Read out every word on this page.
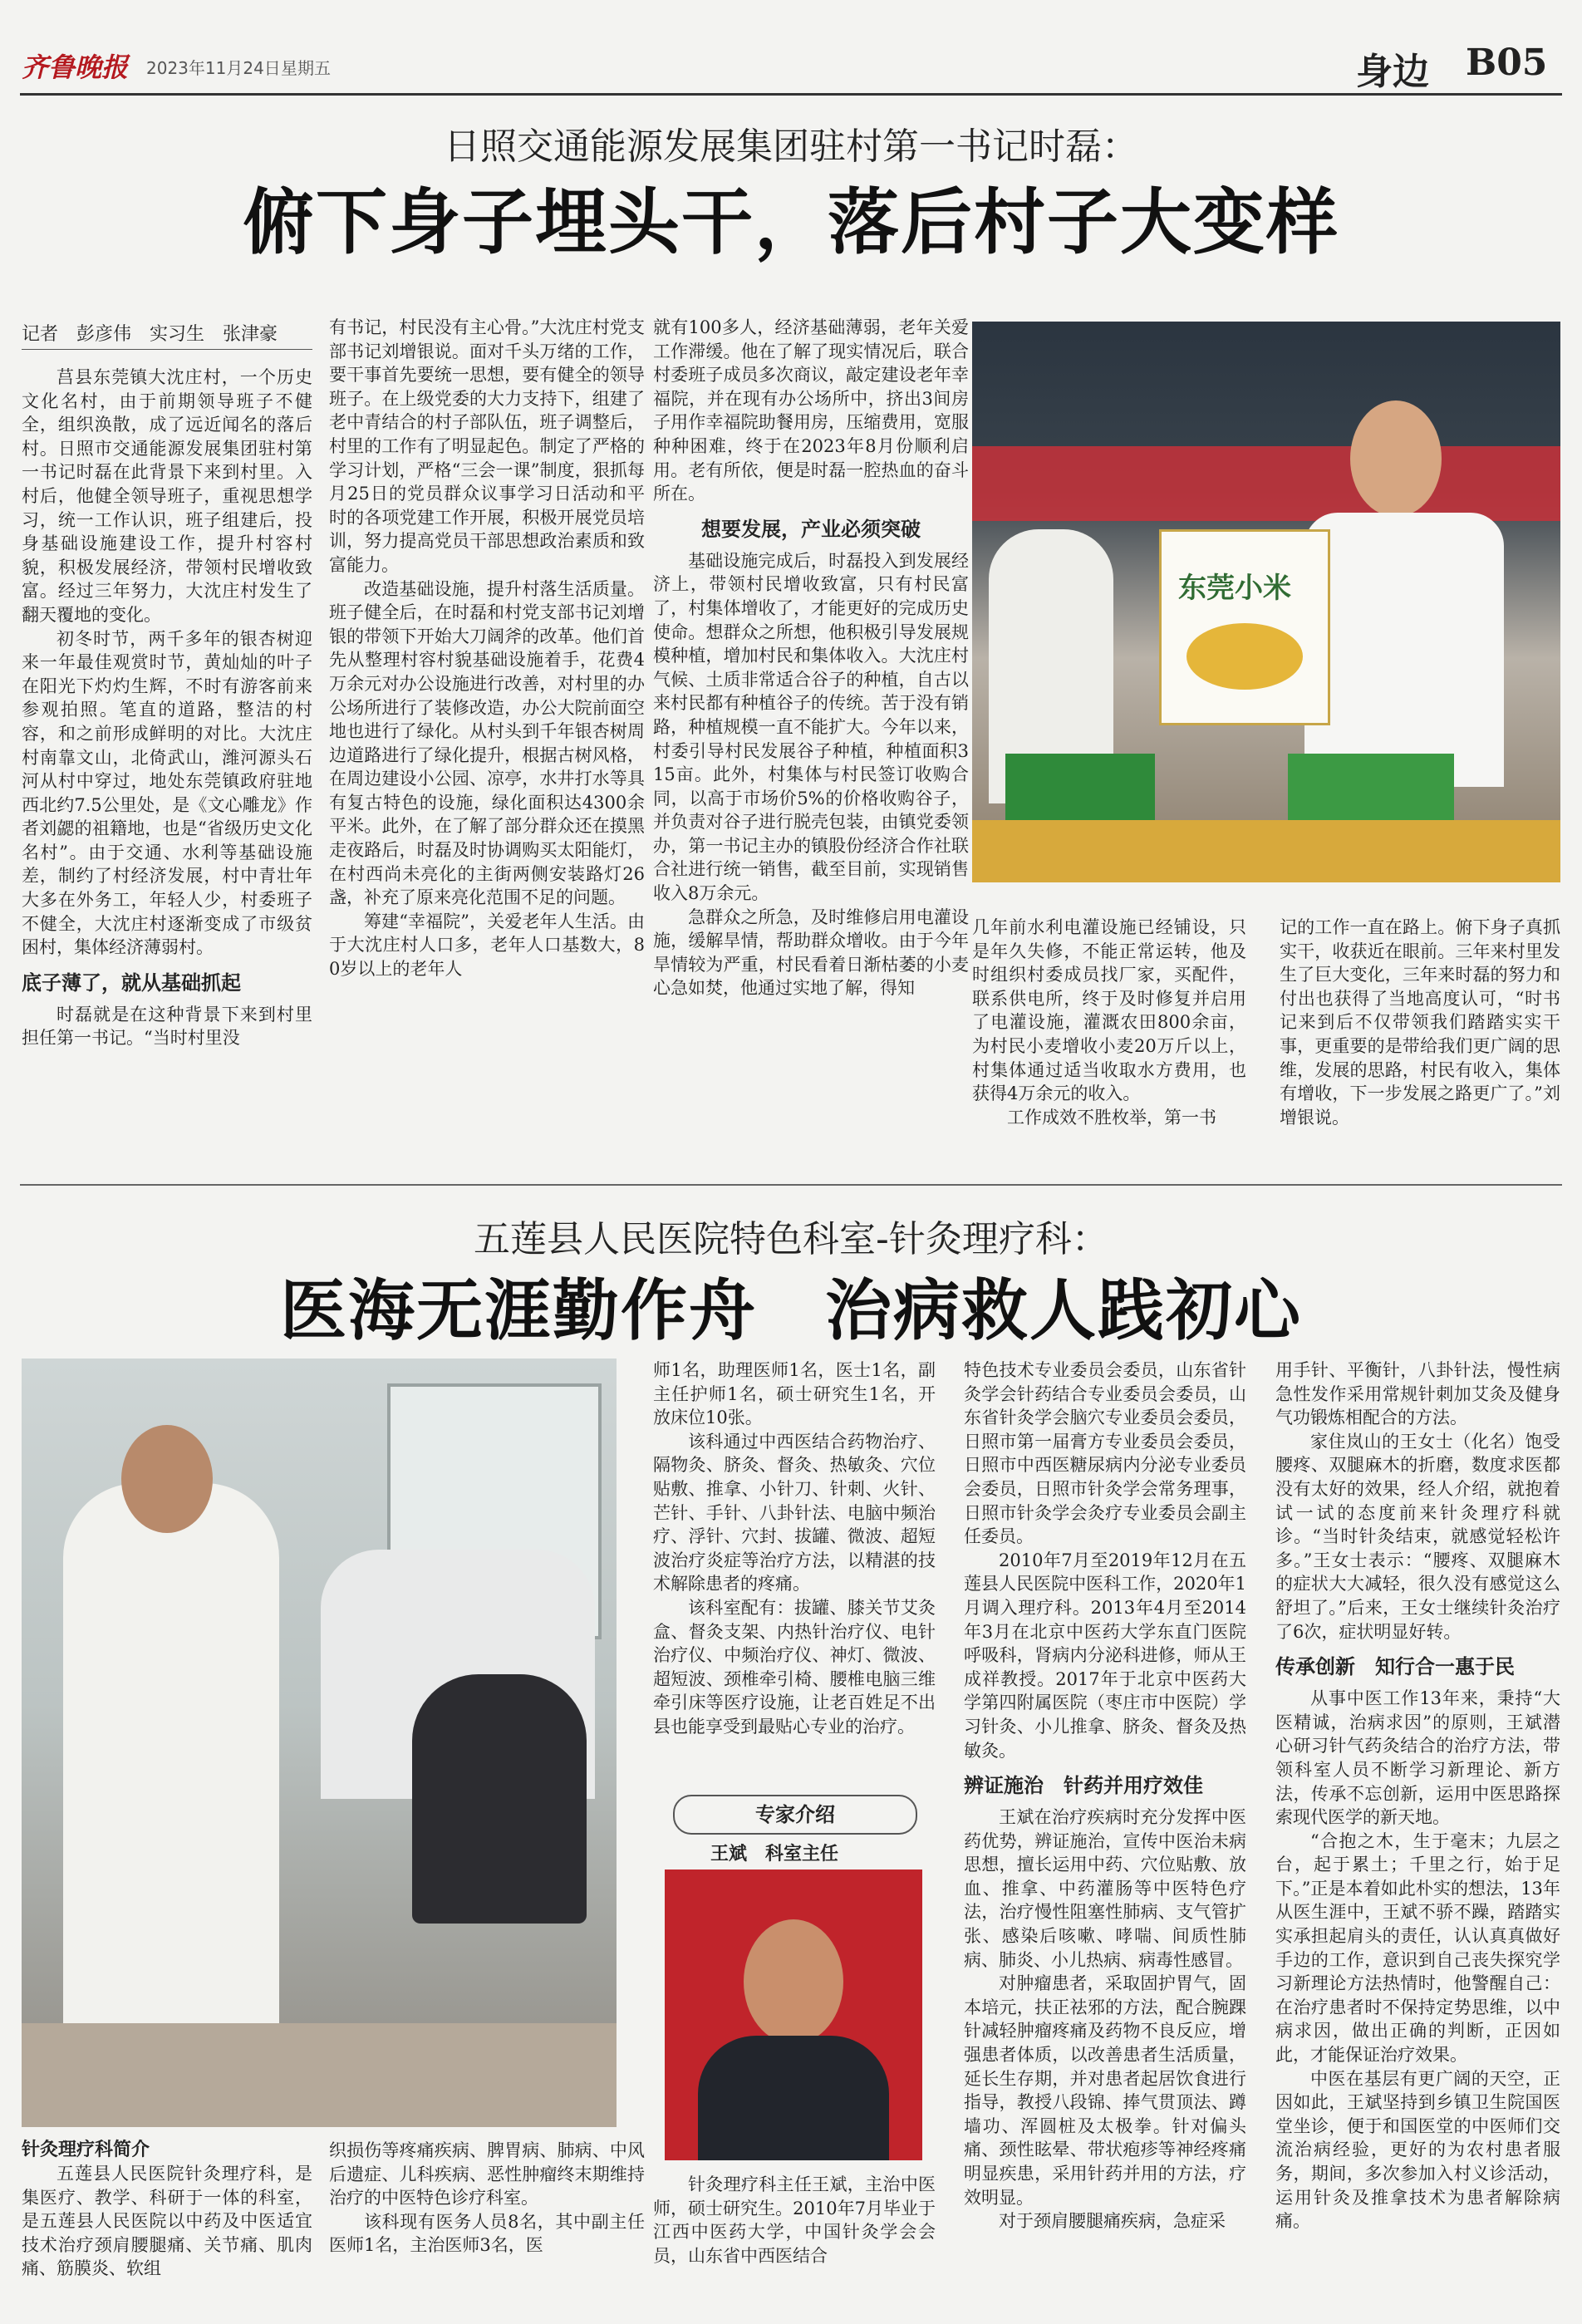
齐鲁晚报 2023年11月24日 星期五	身边 B05
日照交通能源发展集团驻村第一书记时磊：
俯下身子埋头干，落后村子大变样
记者　彭彦伟　实习生　张津豪

莒县东莞镇大沈庄村，一个历史文化名村，由于前期领导班子不健全，组织涣散，成了远近闻名的落后村。日照市交通能源发展集团驻村第一书记时磊在此背景下来到村里。入村后，他健全领导班子，重视思想学习，统一工作认识，班子组建后，投身基础设施建设工作，提升村容村貌，积极发展经济，带领村民增收致富。经过三年努力，大沈庄村发生了翻天覆地的变化。

初冬时节，两千多年的银杏树迎来一年最佳观赏时节，黄灿灿的叶子在阳光下灼灼生辉，不时有游客前来参观拍照。笔直的道路，整洁的村容，和之前形成鲜明的对比。大沈庄村南靠文山，北倚武山，潍河源头石河从村中穿过，地处东莞镇政府驻地西北约7.5公里处，是《文心雕龙》作者刘勰的祖籍地，也是“省级历史文化名村”。由于交通、水利等基础设施差，制约了村经济发展，村中青壮年大多在外务工，年轻人少，村委班子不健全，大沈庄村逐渐变成了市级贫困村，集体经济薄弱村。

底子薄了，就从基础抓起

时磊就是在这种背景下来到村里担任第一书记。“当时村里没

有书记，村民没有主心骨。”大沈庄村党支部书记刘增银说。面对千头万绪的工作，要干事首先要统一思想，要有健全的领导班子。在上级党委的大力支持下，组建了老中青结合的村子部队伍，班子调整后，村里的工作有了明显起色。制定了严格的学习计划，严格“三会一课”制度，狠抓每月25日的党员群众议事学习日活动和平时的各项党建工作开展，积极开展党员培训，努力提高党员干部思想政治素质和致富能力。

改造基础设施，提升村落生活质量。班子健全后，在时磊和村党支部书记刘增银的带领下开始大刀阔斧的改革。他们首先从整理村容村貌基础设施着手，花费4万余元对办公设施进行改善，对村里的办公场所进行了装修改造，办公大院前面空地也进行了绿化。从村头到千年银杏树周边道路进行了绿化提升，根据古树风格，在周边建设小公园、凉亭，水井打水等具有复古特色的设施，绿化面积达4300余平米。此外，在了解了部分群众还在摸黑走夜路后，时磊及时协调购买太阳能灯，在村西尚未亮化的主街两侧安装路灯26盏，补充了原来亮化范围不足的问题。

筹建“幸福院”，关爱老年人生活。由于大沈庄村人口多，老年人口基数大，80岁以上的老年人

就有100多人，经济基础薄弱，老年关爱工作滞缓。他在了解了现实情况后，联合村委班子成员多次商议，敲定建设老年幸福院，并在现有办公场所中，挤出3间房子用作幸福院助餐用房，压缩费用，宽服种种困难，终于在2023年8月份顺利启用。老有所依，便是时磊一腔热血的奋斗所在。

想要发展，产业必须突破

基础设施完成后，时磊投入到发展经济上，带领村民增收致富，只有村民富了，村集体增收了，才能更好的完成历史使命。想群众之所想，他积极引导发展规模种植，增加村民和集体收入。大沈庄村气候、土质非常适合谷子的种植，自古以来村民都有种植谷子的传统。苦于没有销路，种植规模一直不能扩大。今年以来，村委引导村民发展谷子种植，种植面积315亩。此外，村集体与村民签订收购合同，以高于市场价5%的价格收购谷子，并负责对谷子进行脱壳包装，由镇党委领办，第一书记主办的镇股份经济合作社联合社进行统一销售，截至目前，实现销售收入8万余元。

急群众之所急，及时维修启用电灌设施，缓解旱情，帮助群众增收。由于今年旱情较为严重，村民看着日渐枯萎的小麦心急如焚，他通过实地了解，得知

东莞小米

几年前水利电灌设施已经铺设，只是年久失修，不能正常运转，他及时组织村委成员找厂家，买配件，联系供电所，终于及时修复并启用了电灌设施，灌溉农田800余亩，为村民小麦增收小麦20万斤以上，村集体通过适当收取水方费用，也获得4万余元的收入。

工作成效不胜枚举，第一书

记的工作一直在路上。俯下身子真抓实干，收获近在眼前。三年来村里发生了巨大变化，三年来时磊的努力和付出也获得了当地高度认可，“时书记来到后不仅带领我们踏踏实实干事，更重要的是带给我们更广阔的思维，发展的思路，村民有收入，集体有增收，下一步发展之路更广了。”刘增银说。

五莲县人民医院特色科室-针灸理疗科：
医海无涯勤作舟　治病救人践初心
针灸理疗科简介

五莲县人民医院针灸理疗科，是集医疗、教学、科研于一体的科室，是五莲县人民医院以中药及中医适宜技术治疗颈肩腰腿痛、关节痛、肌肉痛、筋膜炎、软组

织损伤等疼痛疾病、脾胃病、肺病、中风后遗症、儿科疾病、恶性肿瘤终末期维持治疗的中医特色诊疗科室。

该科现有医务人员8名，其中副主任医师1名，主治医师3名，医

师1名，助理医师1名，医士1名，副主任护师1名，硕士研究生1名，开放床位10张。

该科通过中西医结合药物治疗、隔物灸、脐灸、督灸、热敏灸、穴位贴敷、推拿、小针刀、针刺、火针、芒针、手针、八卦针法、电脑中频治疗、浮针、穴封、拔罐、微波、超短波治疗炎症等治疗方法，以精湛的技术解除患者的疼痛。

该科室配有：拔罐、膝关节艾灸盒、督灸支架、内热针治疗仪、电针治疗仪、中频治疗仪、神灯、微波、超短波、颈椎牵引椅、腰椎电脑三维牵引床等医疗设施，让老百姓足不出县也能享受到最贴心专业的治疗。

专家介绍
王斌　科室主任

针灸理疗科主任王斌，主治中医师，硕士研究生。2010年7月毕业于江西中医药大学，中国针灸学会会员，山东省中西医结合

特色技术专业委员会委员，山东省针灸学会针药结合专业委员会委员，山东省针灸学会脑穴专业委员会委员，日照市第一届膏方专业委员会委员，日照市中西医糖尿病内分泌专业委员会委员，日照市针灸学会常务理事，日照市针灸学会灸疗专业委员会副主任委员。

2010年7月至2019年12月在五莲县人民医院中医科工作，2020年1月调入理疗科。2013年4月至2014年3月在北京中医药大学东直门医院呼吸科，肾病内分泌科进修，师从王成祥教授。2017年于北京中医药大学第四附属医院（枣庄市中医院）学习针灸、小儿推拿、脐灸、督灸及热敏灸。

辨证施治　针药并用疗效佳

王斌在治疗疾病时充分发挥中医药优势，辨证施治，宣传中医治未病思想，擅长运用中药、穴位贴敷、放血、推拿、中药灌肠等中医特色疗法，治疗慢性阻塞性肺病、支气管扩张、感染后咳嗽、哮喘、间质性肺病、肺炎、小儿热病、病毒性感冒。

对肿瘤患者，采取固护胃气，固本培元，扶正祛邪的方法，配合腕踝针减轻肿瘤疼痛及药物不良反应，增强患者体质，以改善患者生活质量，延长生存期，并对患者起居饮食进行指导，教授八段锦、捧气贯顶法、蹲墙功、浑圆桩及太极拳。针对偏头痛、颈性眩晕、带状疱疹等神经疼痛明显疾患，采用针药并用的方法，疗效明显。

对于颈肩腰腿痛疾病，急症采

用手针、平衡针，八卦针法，慢性病急性发作采用常规针刺加艾灸及健身气功锻炼相配合的方法。

家住岚山的王女士（化名）饱受腰疼、双腿麻木的折磨，数度求医都没有太好的效果，经人介绍，就抱着试一试的态度前来针灸理疗科就诊。“当时针灸结束，就感觉轻松许多。”王女士表示：“腰疼、双腿麻木的症状大大减轻，很久没有感觉这么舒坦了。”后来，王女士继续针灸治疗了6次，症状明显好转。

传承创新　知行合一惠于民

从事中医工作13年来，秉持“大医精诚，治病求因”的原则，王斌潜心研习针气药灸结合的治疗方法，带领科室人员不断学习新理论、新方法，传承不忘创新，运用中医思路探索现代医学的新天地。

“合抱之木，生于毫末；九层之台，起于累土；千里之行，始于足下。”正是本着如此朴实的想法，13年从医生涯中，王斌不骄不躁，踏踏实实承担起肩头的责任，认认真真做好手边的工作，意识到自己丧失探究学习新理论方法热情时，他警醒自己：在治疗患者时不保持定势思维，以中病求因，做出正确的判断，正因如此，才能保证治疗效果。

中医在基层有更广阔的天空，正因如此，王斌坚持到乡镇卫生院国医堂坐诊，便于和国医堂的中医师们交流治病经验，更好的为农村患者服务，期间，多次参加入村义诊活动，运用针灸及推拿技术为患者解除病痛。
